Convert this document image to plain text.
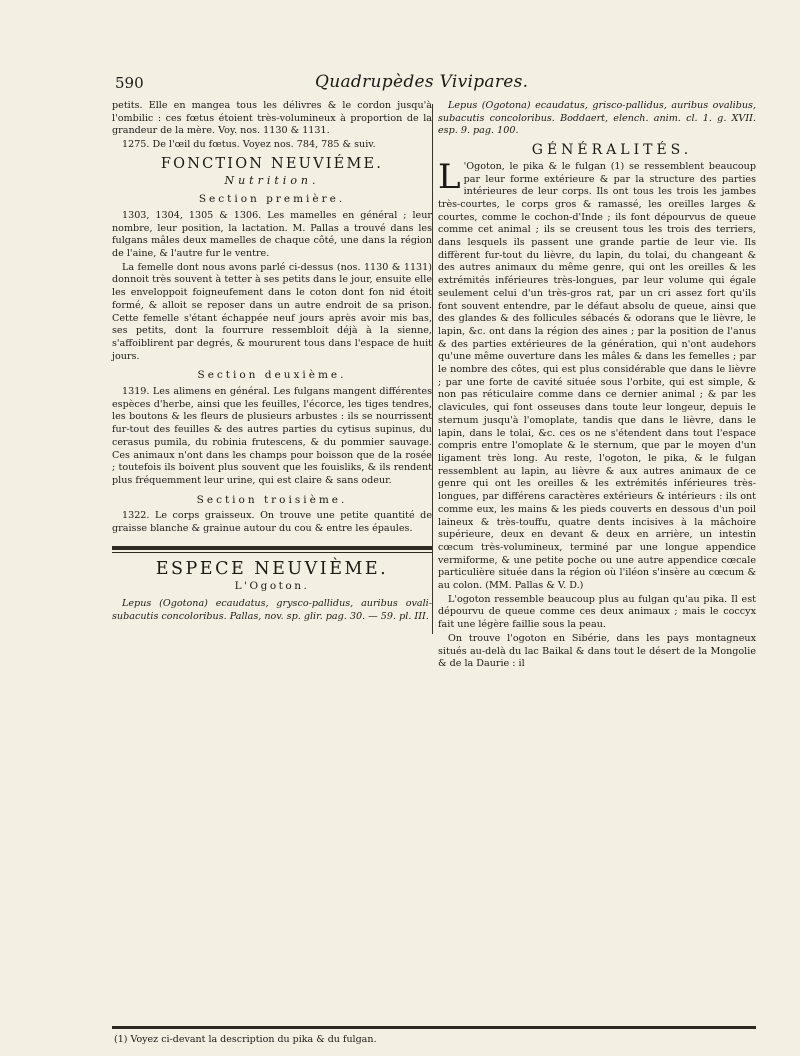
590	Quadrupèdes Vivipares.

petits. Elle en mangea tous les délivres & le cordon jusqu'à l'ombilic : ces fœtus étoient très-volumineux à proportion de la grandeur de la mère. Voy. nos. 1130 & 1131.

1275. De l'œil du fœtus. Voyez nos. 784, 785 & suiv.

FONCTION NEUVIÉME.
Nutrition.
Section première.

1303, 1304, 1305 & 1306. Les mamelles en général ; leur nombre, leur position, la lactation. M. Pallas a trouvé dans les fulgans mâles deux mamelles de chaque côté, une dans la région de l'aine, & l'autre fur le ventre.

La femelle dont nous avons parlé ci-dessus (nos. 1130 & 1131) donnoit très souvent à tetter à ses petits dans le jour, ensuite elle les enveloppoit foigneufement dans le coton dont fon nid étoit formé, & alloit se reposer dans un autre endroit de sa prison. Cette femelle s'étant échappée neuf jours après avoir mis bas, ses petits, dont la fourrure ressembloit déjà à la sienne, s'affoiblirent par degrés, & moururent tous dans l'espace de huit jours.

Section deuxième.

1319. Les alimens en général. Les fulgans mangent différentes espèces d'herbe, ainsi que les feuilles, l'écorce, les tiges tendres, les boutons & les fleurs de plusieurs arbustes : ils se nourrissent fur-tout des feuilles & des autres parties du cytisus supinus, du cerasus pumila, du robinia frutescens, & du pommier sauvage. Ces animaux n'ont dans les champs pour boisson que de la rosée ; toutefois ils boivent plus souvent que les fouisliks, & ils rendent plus fréquemment leur urine, qui est claire & sans odeur.

Section troisième.

1322. Le corps graisseux. On trouve une petite quantité de graisse blanche & grainue autour du cou & entre les épaules.

ESPECE NEUVIÈME.
L'Ogoton.

Lepus (Ogotona) ecaudatus, grysco-pallidus, auribus ovali-subacutis concoloribus. Pallas, nov. sp. glir. pag. 30. — 59. pl. III.

Lepus (Ogotona) ecaudatus, grisco-pallidus, auribus ovalibus, subacutis concoloribus. Boddaert, elench. anim. cl. 1. g. XVII. esp. 9. pag. 100.

GÉNÉRALITÉS.

L 'Ogoton, le pika & le fulgan (1) se ressemblent beaucoup par leur forme extérieure & par la structure des parties intérieures de leur corps. Ils ont tous les trois les jambes très-courtes, le corps gros & ramassé, les oreilles larges & courtes, comme le cochon-d'Inde ; ils font dépourvus de queue comme cet animal ; ils se creusent tous les trois des terriers, dans lesquels ils passent une grande partie de leur vie. Ils diffèrent fur-tout du lièvre, du lapin, du tolai, du changeant & des autres animaux du même genre, qui ont les oreilles & les extrémités inférieures très-longues, par leur volume qui égale seulement celui d'un très-gros rat, par un cri assez fort qu'ils font souvent entendre, par le défaut absolu de queue, ainsi que des glandes & des follicules sébacés & odorans que le lièvre, le lapin, &c. ont dans la région des aines ; par la position de l'anus & des parties extérieures de la génération, qui n'ont audehors qu'une même ouverture dans les mâles & dans les femelles ; par le nombre des côtes, qui est plus considérable que dans le lièvre ; par une forte de cavité située sous l'orbite, qui est simple, & non pas réticulaire comme dans ce dernier animal ; & par les clavicules, qui font osseuses dans toute leur longeur, depuis le sternum jusqu'à l'omoplate, tandis que dans le lièvre, dans le lapin, dans le tolai, &c. ces os ne s'étendent dans tout l'espace compris entre l'omoplate & le sternum, que par le moyen d'un ligament très long. Au reste, l'ogoton, le pika, & le fulgan ressemblent au lapin, au lièvre & aux autres animaux de ce genre qui ont les oreilles & les extrémités inférieures très-longues, par différens caractères extérieurs & intérieurs : ils ont comme eux, les mains & les pieds couverts en dessous d'un poil laineux & très-touffu, quatre dents incisives à la mâchoire supérieure, deux en devant & deux en arrière, un intestin cœcum très-volumineux, terminé par une longue appendice vermiforme, & une petite poche ou une autre appendice cœcale particulière située dans la région où l'iléon s'insère au cœcum & au colon. (MM. Pallas & V. D.)

L'ogoton ressemble beaucoup plus au fulgan qu'au pika. Il est dépourvu de queue comme ces deux animaux ; mais le coccyx fait une légère faillie sous la peau.

On trouve l'ogoton en Sibérie, dans les pays montagneux situés au-delà du lac Baikal & dans tout le désert de la Mongolie & de la Daurie : il

(1) Voyez ci-devant la description du pika & du fulgan.
